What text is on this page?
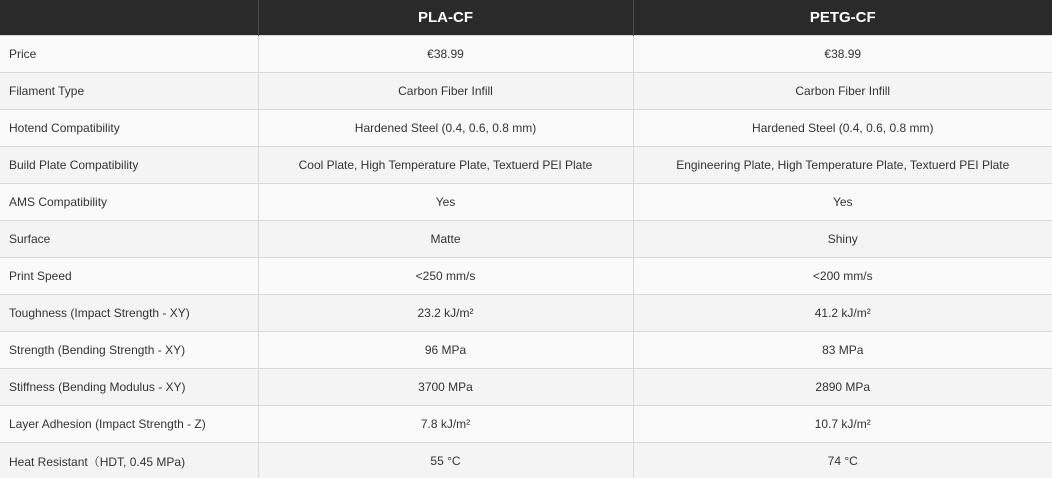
	PLA-CF	PETG-CF
Price	€38.99	€38.99
Filament Type	Carbon Fiber Infill	Carbon Fiber Infill
Hotend Compatibility	Hardened Steel (0.4, 0.6, 0.8 mm)	Hardened Steel (0.4, 0.6, 0.8 mm)
Build Plate Compatibility	Cool Plate, High Temperature Plate, Textuerd PEI Plate	Engineering Plate, High Temperature Plate, Textuerd PEI Plate
AMS Compatibility	Yes	Yes
Surface	Matte	Shiny
Print Speed	<250 mm/s	<200 mm/s
Toughness (Impact Strength - XY)	23.2 kJ/m²	41.2 kJ/m²
Strength (Bending Strength - XY)	96 MPa	83 MPa
Stiffness (Bending Modulus - XY)	3700 MPa	2890 MPa
Layer Adhesion (Impact Strength - Z)	7.8 kJ/m²	10.7 kJ/m²
Heat Resistant（HDT, 0.45 MPa)	55 °C	74 °C
